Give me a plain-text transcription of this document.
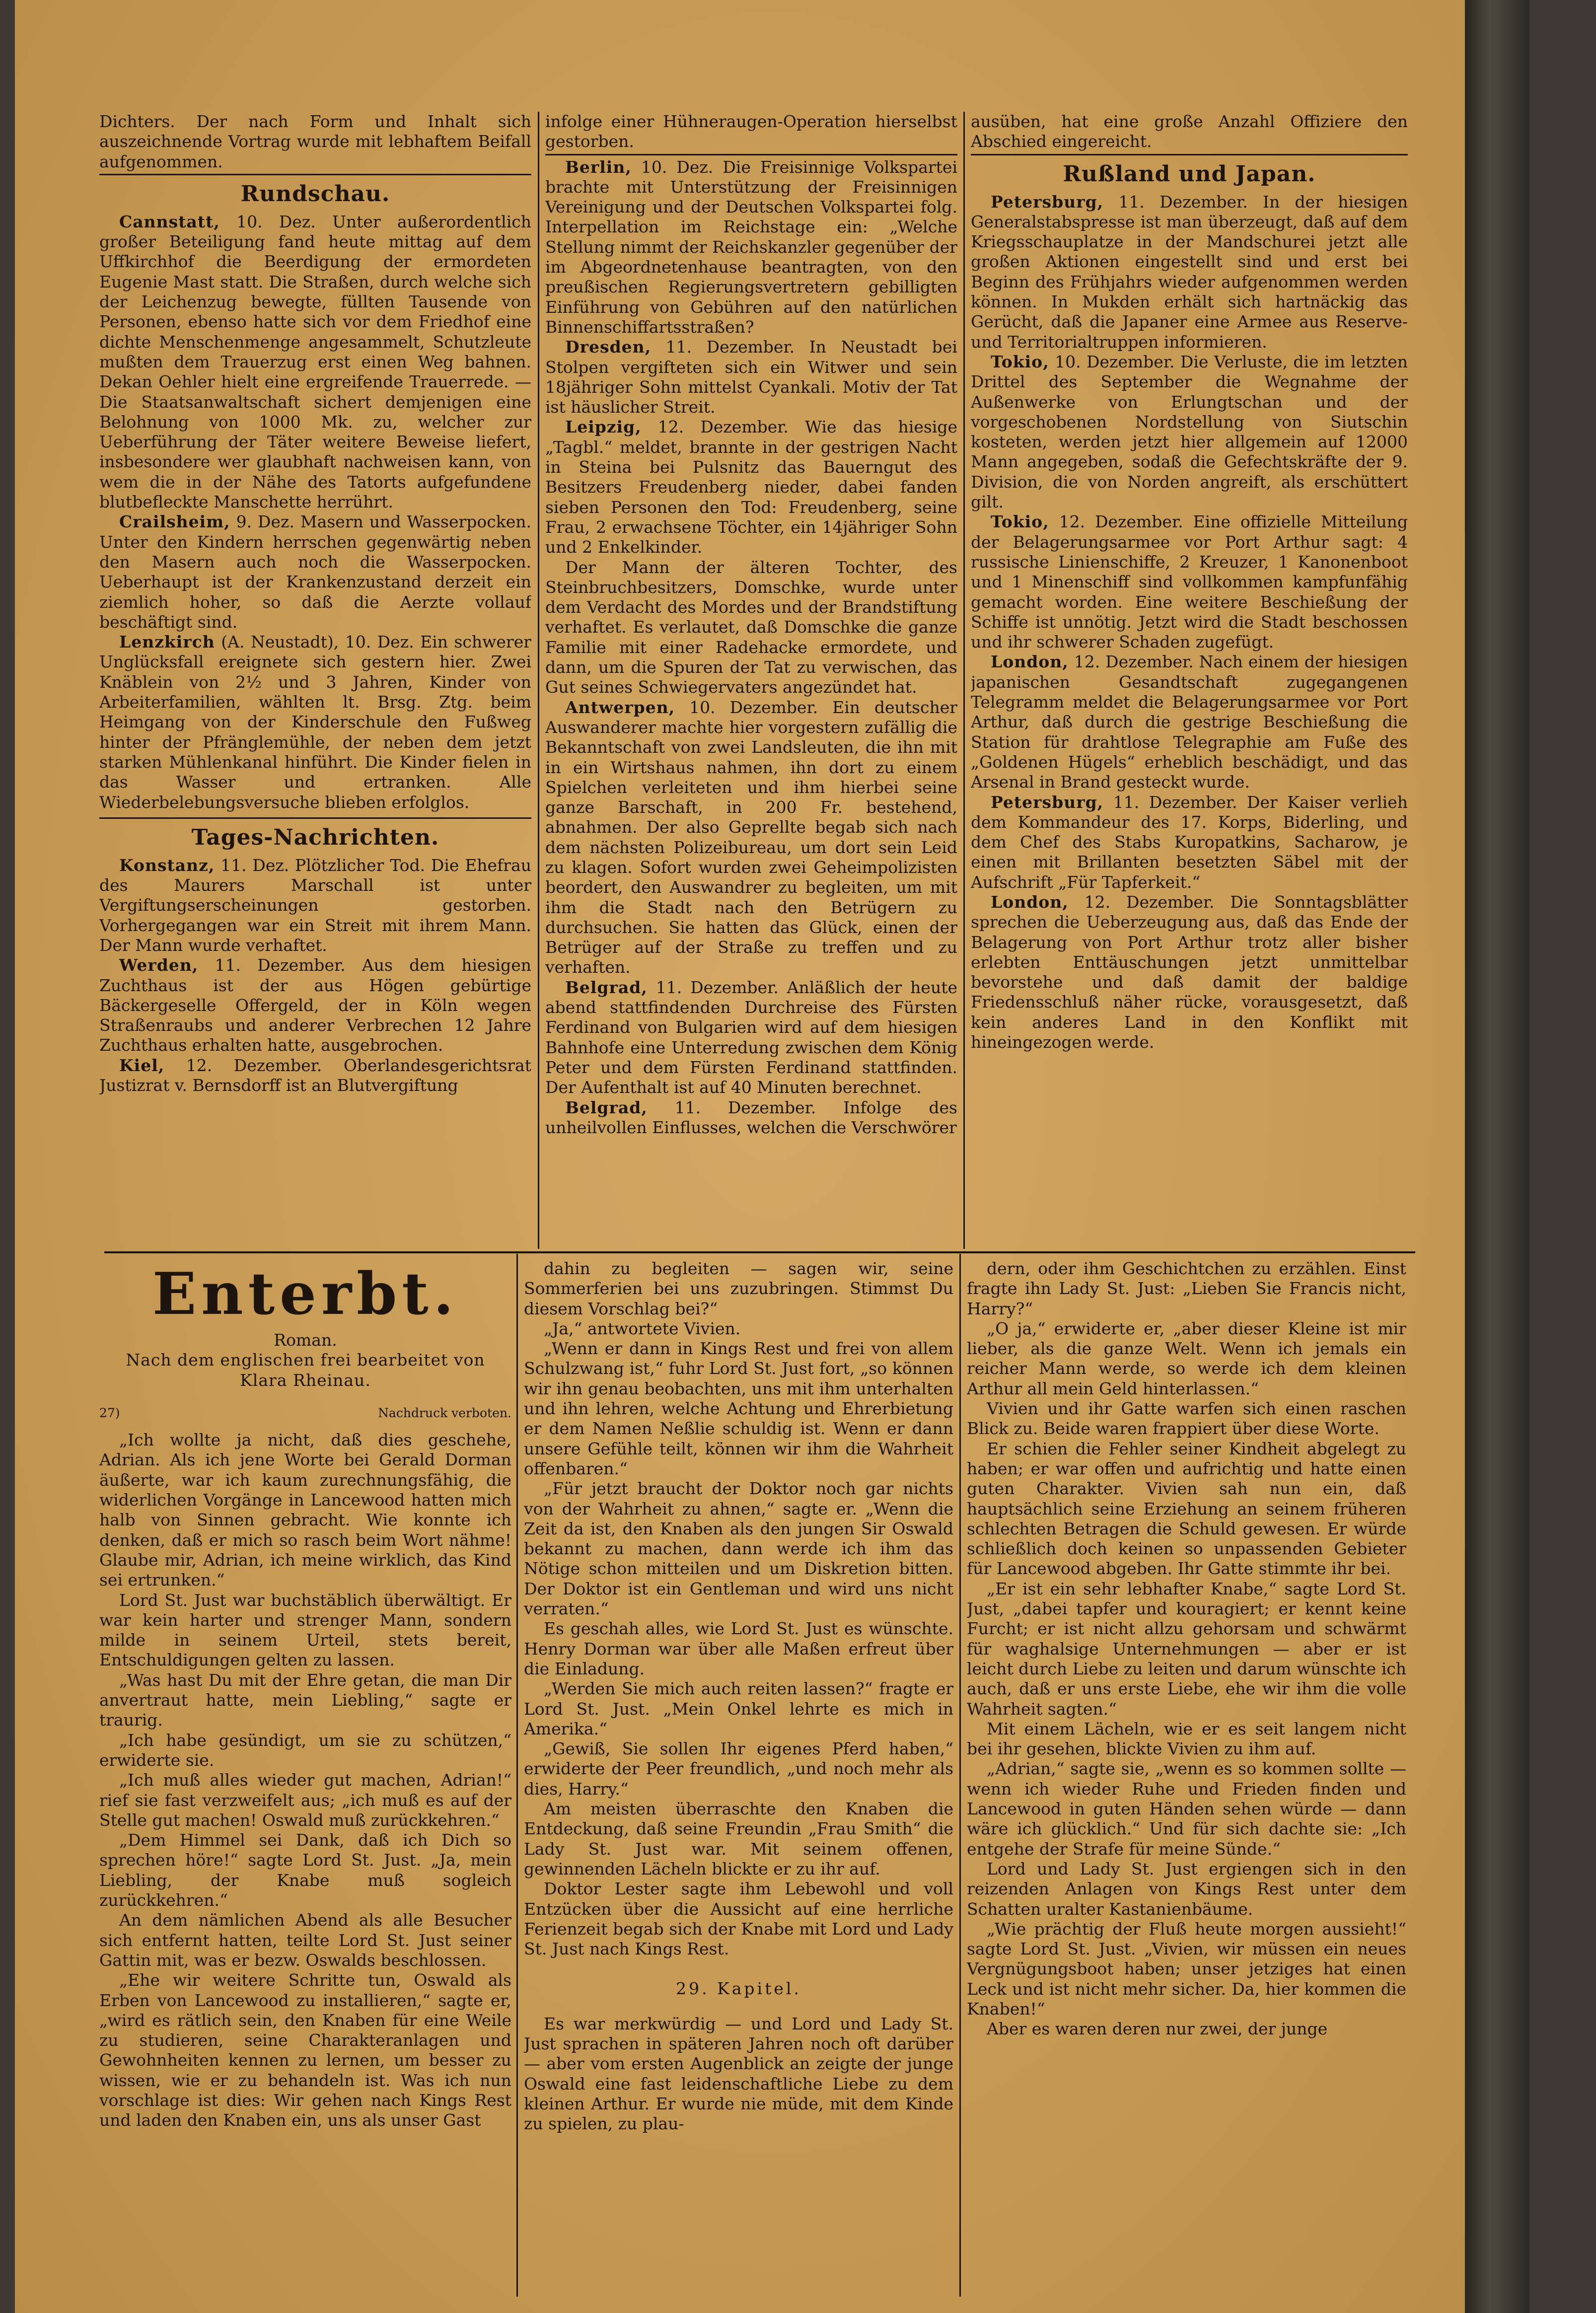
Dichters. Der nach Form und Inhalt sich auszeichnende Vortrag wurde mit lebhaftem Beifall aufgenommen.

Rundschau.

Cannstatt, 10. Dez. Unter außerordentlich großer Beteiligung fand heute mittag auf dem Uffkirchhof die Beerdigung der ermordeten Eugenie Mast statt. Die Straßen, durch welche sich der Leichenzug bewegte, füllten Tausende von Personen, ebenso hatte sich vor dem Friedhof eine dichte Menschenmenge angesammelt, Schutzleute mußten dem Trauerzug erst einen Weg bahnen. Dekan Oehler hielt eine ergreifende Trauerrede. — Die Staatsanwaltschaft sichert demjenigen eine Belohnung von 1000 Mk. zu, welcher zur Ueberführung der Täter weitere Beweise liefert, insbesondere wer glaubhaft nachweisen kann, von wem die in der Nähe des Tatorts aufgefundene blutbefleckte Manschette herrührt.

Crailsheim, 9. Dez. Masern und Wasserpocken. Unter den Kindern herrschen gegenwärtig neben den Masern auch noch die Wasserpocken. Ueberhaupt ist der Krankenzustand derzeit ein ziemlich hoher, so daß die Aerzte vollauf beschäftigt sind.

Lenzkirch (A. Neustadt), 10. Dez. Ein schwerer Unglücksfall ereignete sich gestern hier. Zwei Knäblein von 2½ und 3 Jahren, Kinder von Arbeiterfamilien, wählten lt. Brsg. Ztg. beim Heimgang von der Kinderschule den Fußweg hinter der Pfränglemühle, der neben dem jetzt starken Mühlenkanal hinführt. Die Kinder fielen in das Wasser und ertranken. Alle Wiederbelebungsversuche blieben erfolglos.

Tages-Nachrichten.

Konstanz, 11. Dez. Plötzlicher Tod. Die Ehefrau des Maurers Marschall ist unter Vergiftungserscheinungen gestorben. Vorhergegangen war ein Streit mit ihrem Mann. Der Mann wurde verhaftet.

Werden, 11. Dezember. Aus dem hiesigen Zuchthaus ist der aus Högen gebürtige Bäckergeselle Offergeld, der in Köln wegen Straßenraubs und anderer Verbrechen 12 Jahre Zuchthaus erhalten hatte, ausgebrochen.

Kiel, 12. Dezember. Oberlandesgerichtsrat Justizrat v. Bernsdorff ist an Blutvergiftung

infolge einer Hühneraugen-Operation hierselbst gestorben.

Berlin, 10. Dez. Die Freisinnige Volkspartei brachte mit Unterstützung der Freisinnigen Vereinigung und der Deutschen Volkspartei folg. Interpellation im Reichstage ein: „Welche Stellung nimmt der Reichskanzler gegenüber der im Abgeordnetenhause beantragten, von den preußischen Regierungsvertretern gebilligten Einführung von Gebühren auf den natürlichen Binnenschiffartsstraßen?

Dresden, 11. Dezember. In Neustadt bei Stolpen vergifteten sich ein Witwer und sein 18jähriger Sohn mittelst Cyankali. Motiv der Tat ist häuslicher Streit.

Leipzig, 12. Dezember. Wie das hiesige „Tagbl.“ meldet, brannte in der gestrigen Nacht in Steina bei Pulsnitz das Bauerngut des Besitzers Freudenberg nieder, dabei fanden sieben Personen den Tod: Freudenberg, seine Frau, 2 erwachsene Töchter, ein 14jähriger Sohn und 2 Enkelkinder.

Der Mann der älteren Tochter, des Steinbruchbesitzers, Domschke, wurde unter dem Verdacht des Mordes und der Brandstiftung verhaftet. Es verlautet, daß Domschke die ganze Familie mit einer Radehacke ermordete, und dann, um die Spuren der Tat zu verwischen, das Gut seines Schwiegervaters angezündet hat.

Antwerpen, 10. Dezember. Ein deutscher Auswanderer machte hier vorgestern zufällig die Bekanntschaft von zwei Landsleuten, die ihn mit in ein Wirtshaus nahmen, ihn dort zu einem Spielchen verleiteten und ihm hierbei seine ganze Barschaft, in 200 Fr. bestehend, abnahmen. Der also Geprellte begab sich nach dem nächsten Polizeibureau, um dort sein Leid zu klagen. Sofort wurden zwei Geheimpolizisten beordert, den Auswandrer zu begleiten, um mit ihm die Stadt nach den Betrügern zu durchsuchen. Sie hatten das Glück, einen der Betrüger auf der Straße zu treffen und zu verhaften.

Belgrad, 11. Dezember. Anläßlich der heute abend stattfindenden Durchreise des Fürsten Ferdinand von Bulgarien wird auf dem hiesigen Bahnhofe eine Unterredung zwischen dem König Peter und dem Fürsten Ferdinand stattfinden. Der Aufenthalt ist auf 40 Minuten berechnet.

Belgrad, 11. Dezember. Infolge des unheilvollen Einflusses, welchen die Verschwörer

ausüben, hat eine große Anzahl Offiziere den Abschied eingereicht.

Rußland und Japan.

Petersburg, 11. Dezember. In der hiesigen Generalstabspresse ist man überzeugt, daß auf dem Kriegsschauplatze in der Mandschurei jetzt alle großen Aktionen eingestellt sind und erst bei Beginn des Frühjahrs wieder aufgenommen werden können. In Mukden erhält sich hartnäckig das Gerücht, daß die Japaner eine Armee aus Reserve- und Territorialtruppen informieren.

Tokio, 10. Dezember. Die Verluste, die im letzten Drittel des September die Wegnahme der Außenwerke von Erlungtschan und der vorgeschobenen Nordstellung von Siutschin kosteten, werden jetzt hier allgemein auf 12000 Mann angegeben, sodaß die Gefechtskräfte der 9. Division, die von Norden angreift, als erschüttert gilt.

Tokio, 12. Dezember. Eine offizielle Mitteilung der Belagerungsarmee vor Port Arthur sagt: 4 russische Linienschiffe, 2 Kreuzer, 1 Kanonenboot und 1 Minenschiff sind vollkommen kampfunfähig gemacht worden. Eine weitere Beschießung der Schiffe ist unnötig. Jetzt wird die Stadt beschossen und ihr schwerer Schaden zugefügt.

London, 12. Dezember. Nach einem der hiesigen japanischen Gesandtschaft zugegangenen Telegramm meldet die Belagerungsarmee vor Port Arthur, daß durch die gestrige Beschießung die Station für drahtlose Telegraphie am Fuße des „Goldenen Hügels“ erheblich beschädigt, und das Arsenal in Brand gesteckt wurde.

Petersburg, 11. Dezember. Der Kaiser verlieh dem Kommandeur des 17. Korps, Biderling, und dem Chef des Stabs Kuropatkins, Sacharow, je einen mit Brillanten besetzten Säbel mit der Aufschrift „Für Tapferkeit.“

London, 12. Dezember. Die Sonntagsblätter sprechen die Ueberzeugung aus, daß das Ende der Belagerung von Port Arthur trotz aller bisher erlebten Enttäuschungen jetzt unmittelbar bevorstehe und daß damit der baldige Friedensschluß näher rücke, vorausgesetzt, daß kein anderes Land in den Konflikt mit hineingezogen werde.

Enterbt.
Roman.
Nach dem englischen frei bearbeitet von Klara Rheinau.
27)	Nachdruck verboten.

„Ich wollte ja nicht, daß dies geschehe, Adrian. Als ich jene Worte bei Gerald Dorman äußerte, war ich kaum zurechnungsfähig, die widerlichen Vorgänge in Lancewood hatten mich halb von Sinnen gebracht. Wie konnte ich denken, daß er mich so rasch beim Wort nähme! Glaube mir, Adrian, ich meine wirklich, das Kind sei ertrunken.“

Lord St. Just war buchstäblich überwältigt. Er war kein harter und strenger Mann, sondern milde in seinem Urteil, stets bereit, Entschuldigungen gelten zu lassen.

„Was hast Du mit der Ehre getan, die man Dir anvertraut hatte, mein Liebling,“ sagte er traurig.

„Ich habe gesündigt, um sie zu schützen,“ erwiderte sie.

„Ich muß alles wieder gut machen, Adrian!“ rief sie fast verzweifelt aus; „ich muß es auf der Stelle gut machen! Oswald muß zurückkehren.“

„Dem Himmel sei Dank, daß ich Dich so sprechen höre!“ sagte Lord St. Just. „Ja, mein Liebling, der Knabe muß sogleich zurückkehren.“

An dem nämlichen Abend als alle Besucher sich entfernt hatten, teilte Lord St. Just seiner Gattin mit, was er bezw. Oswalds beschlossen.

„Ehe wir weitere Schritte tun, Oswald als Erben von Lancewood zu installieren,“ sagte er, „wird es rätlich sein, den Knaben für eine Weile zu studieren, seine Charakteranlagen und Gewohnheiten kennen zu lernen, um besser zu wissen, wie er zu behandeln ist. Was ich nun vorschlage ist dies: Wir gehen nach Kings Rest und laden den Knaben ein, uns als unser Gast

dahin zu begleiten — sagen wir, seine Sommerferien bei uns zuzubringen. Stimmst Du diesem Vorschlag bei?“

„Ja,“ antwortete Vivien.

„Wenn er dann in Kings Rest und frei von allem Schulzwang ist,“ fuhr Lord St. Just fort, „so können wir ihn genau beobachten, uns mit ihm unterhalten und ihn lehren, welche Achtung und Ehrerbietung er dem Namen Neßlie schuldig ist. Wenn er dann unsere Gefühle teilt, können wir ihm die Wahrheit offenbaren.“

„Für jetzt braucht der Doktor noch gar nichts von der Wahrheit zu ahnen,“ sagte er. „Wenn die Zeit da ist, den Knaben als den jungen Sir Oswald bekannt zu machen, dann werde ich ihm das Nötige schon mitteilen und um Diskretion bitten. Der Doktor ist ein Gentleman und wird uns nicht verraten.“

Es geschah alles, wie Lord St. Just es wünschte. Henry Dorman war über alle Maßen erfreut über die Einladung.

„Werden Sie mich auch reiten lassen?“ fragte er Lord St. Just. „Mein Onkel lehrte es mich in Amerika.“

„Gewiß, Sie sollen Ihr eigenes Pferd haben,“ erwiderte der Peer freundlich, „und noch mehr als dies, Harry.“

Am meisten überraschte den Knaben die Entdeckung, daß seine Freundin „Frau Smith“ die Lady St. Just war. Mit seinem offenen, gewinnenden Lächeln blickte er zu ihr auf.

Doktor Lester sagte ihm Lebewohl und voll Entzücken über die Aussicht auf eine herrliche Ferienzeit begab sich der Knabe mit Lord und Lady St. Just nach Kings Rest.

29. Kapitel.

Es war merkwürdig — und Lord und Lady St. Just sprachen in späteren Jahren noch oft darüber — aber vom ersten Augenblick an zeigte der junge Oswald eine fast leidenschaftliche Liebe zu dem kleinen Arthur. Er wurde nie müde, mit dem Kinde zu spielen, zu plau-

dern, oder ihm Geschichtchen zu erzählen. Einst fragte ihn Lady St. Just: „Lieben Sie Francis nicht, Harry?“

„O ja,“ erwiderte er, „aber dieser Kleine ist mir lieber, als die ganze Welt. Wenn ich jemals ein reicher Mann werde, so werde ich dem kleinen Arthur all mein Geld hinterlassen.“

Vivien und ihr Gatte warfen sich einen raschen Blick zu. Beide waren frappiert über diese Worte.

Er schien die Fehler seiner Kindheit abgelegt zu haben; er war offen und aufrichtig und hatte einen guten Charakter. Vivien sah nun ein, daß hauptsächlich seine Erziehung an seinem früheren schlechten Betragen die Schuld gewesen. Er würde schließlich doch keinen so unpassenden Gebieter für Lancewood abgeben. Ihr Gatte stimmte ihr bei.

„Er ist ein sehr lebhafter Knabe,“ sagte Lord St. Just, „dabei tapfer und kouragiert; er kennt keine Furcht; er ist nicht allzu gehorsam und schwärmt für waghalsige Unternehmungen — aber er ist leicht durch Liebe zu leiten und darum wünschte ich auch, daß er uns erste Liebe, ehe wir ihm die volle Wahrheit sagten.“

Mit einem Lächeln, wie er es seit langem nicht bei ihr gesehen, blickte Vivien zu ihm auf.

„Adrian,“ sagte sie, „wenn es so kommen sollte — wenn ich wieder Ruhe und Frieden finden und Lancewood in guten Händen sehen würde — dann wäre ich glücklich.“ Und für sich dachte sie: „Ich entgehe der Strafe für meine Sünde.“

Lord und Lady St. Just ergiengen sich in den reizenden Anlagen von Kings Rest unter dem Schatten uralter Kastanienbäume.

„Wie prächtig der Fluß heute morgen aussieht!“ sagte Lord St. Just. „Vivien, wir müssen ein neues Vergnügungsboot haben; unser jetziges hat einen Leck und ist nicht mehr sicher. Da, hier kommen die Knaben!“

Aber es waren deren nur zwei, der junge
